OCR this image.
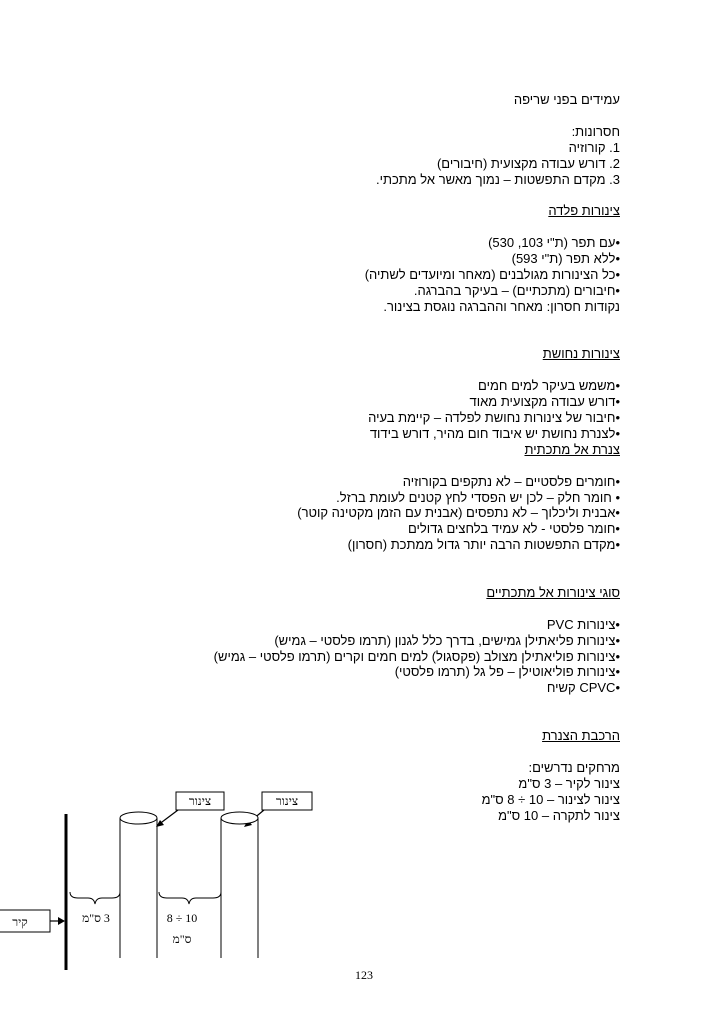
עמידים בפני שריפה
חסרונות:
1. קורוזיה
2. דורש עבודה מקצועית (חיבורים)
3. מקדם התפשטות – נמוך מאשר אל מתכתי.
צינורות פלדה
•עם תפר (ת"י 103, 530)
•ללא תפר (ת"י 593)
•כל הצינורות מגולבנים (מאחר ומיועדים לשתיה)
•חיבורים (מתכתיים) – בעיקר בהברגה.
נקודות חסרון: מאחר וההברגה נוגסת בצינור.
צינורות נחושת
•משמש בעיקר למים חמים
•דורש עבודה מקצועית מאוד
•חיבור של צינורות נחושת לפלדה – קיימת בעיה
•לצנרת נחושת יש איבוד חום מהיר, דורש בידוד
צנרת אל מתכתית
•חומרים פלסטיים – לא נתקפים בקורוזיה
• חומר חלק – לכן יש הפסדי לחץ קטנים לעומת ברזל.
•אבנית וליכלוך – לא נתפסים (אבנית עם הזמן מקטינה קוטר)
•חומר פלסטי - לא עמיד בלחצים גדולים
•מקדם התפשטות הרבה יותר גדול ממתכת (חסרון)
סוגי צינורות אל מתכתיים
•צינורות PVC
•צינורות פליאתילן גמישים, בדרך כלל לגנון (תרמו פלסטי – גמיש)
•צינורות פוליאתילן מצולב (פקסגול) למים חמים וקרים (תרמו פלסטי – גמיש)
•צינורות פוליאוטילן – פל גל (תרמו פלסטי)
•CPVC קשיח
הרכבת הצנרת
מרחקים נדרשים:
צינור לקיר – 3 ס"מ
צינור לצינור – 10 ÷ 8 ס"מ
צינור לתקרה – 10 ס"מ
צינור	צינור
קיר	3 ס"מ	8 ÷ 10
ס"מ
123
